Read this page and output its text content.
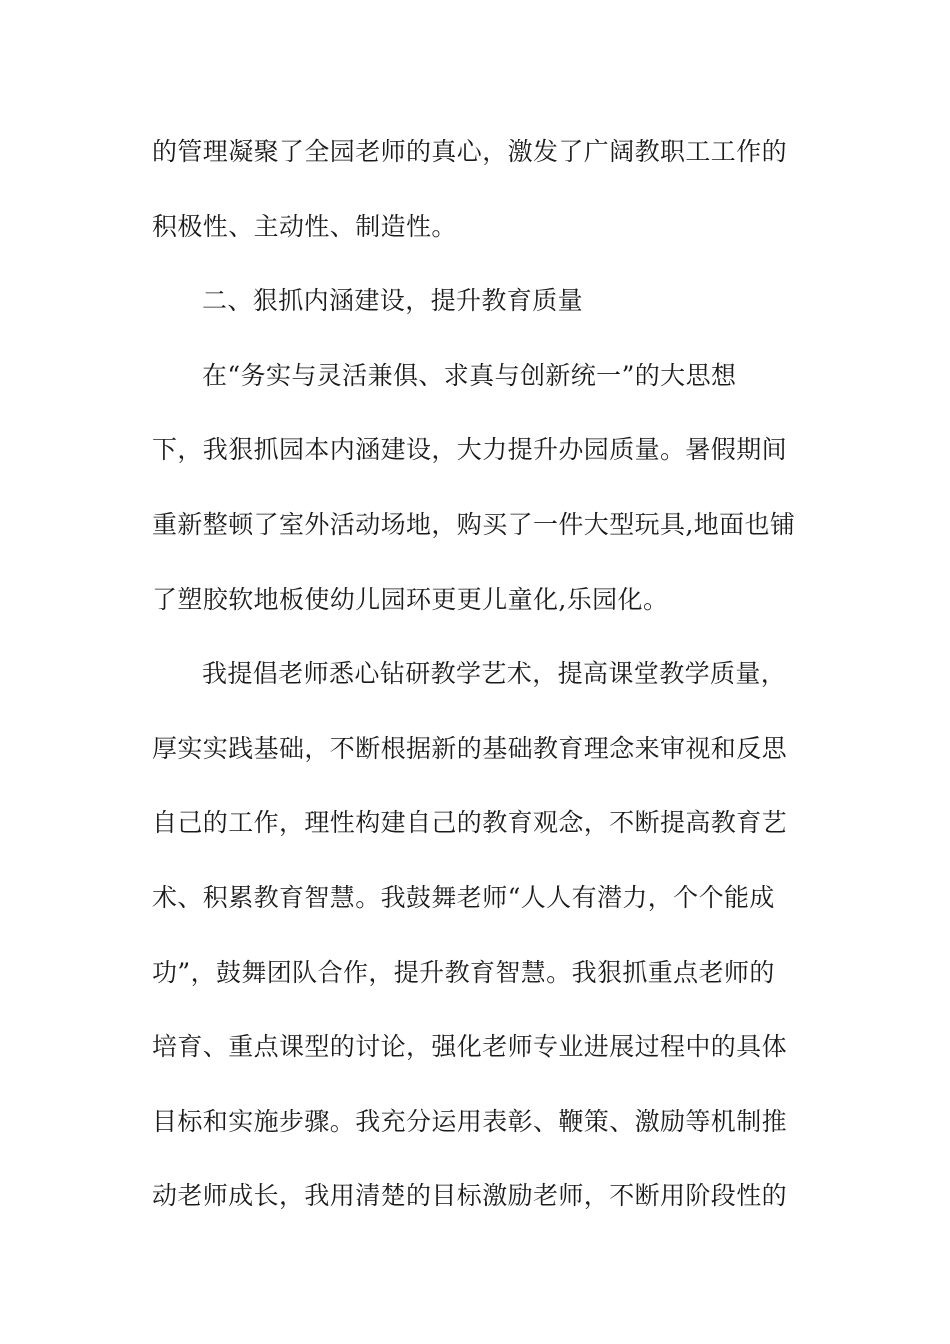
的管理凝聚了全园老师的真心，激发了广阔教职工工作的
积极性、主动性、制造性。
二、狠抓内涵建设，提升教育质量
在“务实与灵活兼俱、求真与创新统一”的大思想
下，我狠抓园本内涵建设，大力提升办园质量。暑假期间
重新整顿了室外活动场地，购买了一件大型玩具,地面也铺
了塑胶软地板使幼儿园环更更儿童化,乐园化。
我提倡老师悉心钻研教学艺术，提高课堂教学质量，
厚实实践基础，不断根据新的基础教育理念来审视和反思
自己的工作，理性构建自己的教育观念，不断提高教育艺
术、积累教育智慧。我鼓舞老师“人人有潜力，个个能成
功”，鼓舞团队合作，提升教育智慧。我狠抓重点老师的
培育、重点课型的讨论，强化老师专业进展过程中的具体
目标和实施步骤。我充分运用表彰、鞭策、激励等机制推
动老师成长，我用清楚的目标激励老师，不断用阶段性的
